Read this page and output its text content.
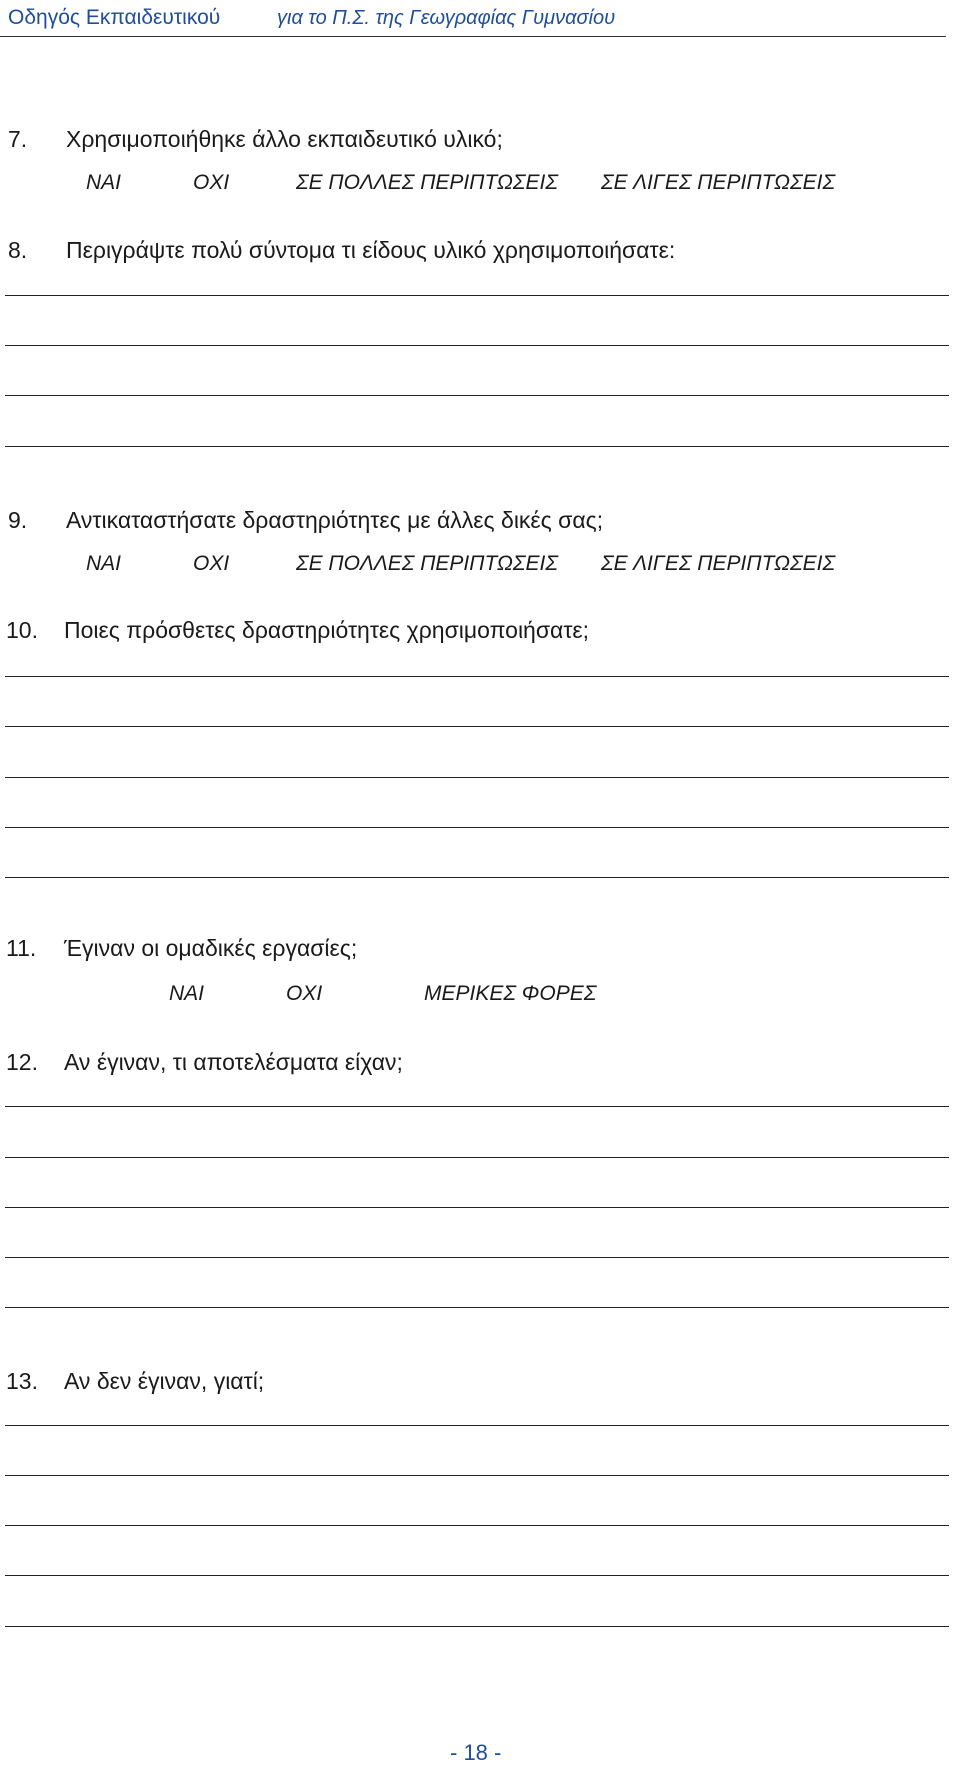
Οδηγός Εκπαιδευτικού	για το Π.Σ. της Γεωγραφίας Γυμνασίου
7. Χρησιμοποιήθηκε άλλο εκπαιδευτικό υλικό;
ΝΑΙ	ΟΧΙ	ΣΕ ΠΟΛΛΕΣ ΠΕΡΙΠΤΩΣΕΙΣ ΣΕ ΛΙΓΕΣ ΠΕΡΙΠΤΩΣΕΙΣ
8. Περιγράψτε πολύ σύντομα τι είδους υλικό χρησιμοποιήσατε:
9. Αντικαταστήσατε δραστηριότητες με άλλες δικές σας;
ΝΑΙ	ΟΧΙ	ΣΕ ΠΟΛΛΕΣ ΠΕΡΙΠΤΩΣΕΙΣ ΣΕ ΛΙΓΕΣ ΠΕΡΙΠΤΩΣΕΙΣ
10. Ποιες πρόσθετες δραστηριότητες χρησιμοποιήσατε;
11. Έγιναν οι ομαδικές εργασίες;
ΝΑΙ	ΟΧΙ	ΜΕΡΙΚΕΣ ΦΟΡΕΣ
12. Αν έγιναν, τι αποτελέσματα είχαν;
13. Αν δεν έγιναν, γιατί;
- 18 -
